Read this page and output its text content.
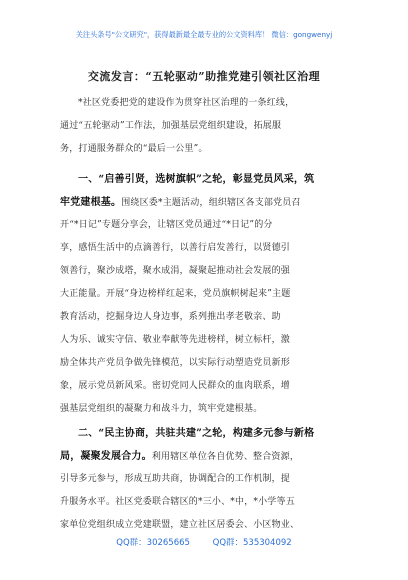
关注头条号"公文研究"，获得最新最全最专业的公文资料库！ 微信：gongwenyj
交流发言：“五轮驱动”助推党建引领社区治理
*社区党委把党的建设作为贯穿社区治理的一条红线，
通过“五轮驱动”工作法，加强基层党组织建设，拓展服
务，打通服务群众的“最后一公里”。
一、“启善引贤，选树旗帜”之轮，彰显党员风采，筑
牢党建根基。围绕区委*主题活动，组织辖区各支部党员召
开“*日记”专题分享会，让辖区党员通过“*日记”的分
享，感悟生活中的点滴善行，以善行启发善行，以贤德引
领善行，聚沙成塔，聚水成涓，凝聚起推动社会发展的强
大正能量。开展“身边榜样红起来，党员旗帜树起来”主题
教育活动，挖掘身边人身边事，系列推出孝老敬亲、助
人为乐、诚实守信、敬业奉献等先进榜样，树立标杆，激
励全体共产党员争做先锋模范，以实际行动塑造党员新形
象，展示党员新风采。密切党同人民群众的血肉联系，增
强基层党组织的凝聚力和战斗力，筑牢党建根基。
二、“民主协商，共驻共建”之轮，构建多元参与新格
局，凝聚发展合力。利用辖区单位各自优势、整合资源，
引导多元参与，形成互助共商，协调配合的工作机制，提
升服务水平。社区党委联合辖区的*三小、*中，*小学等五
家单位党组织成立党建联盟，建立社区居委会、小区物业、
QQ群：30265665	QQ群：535304092
